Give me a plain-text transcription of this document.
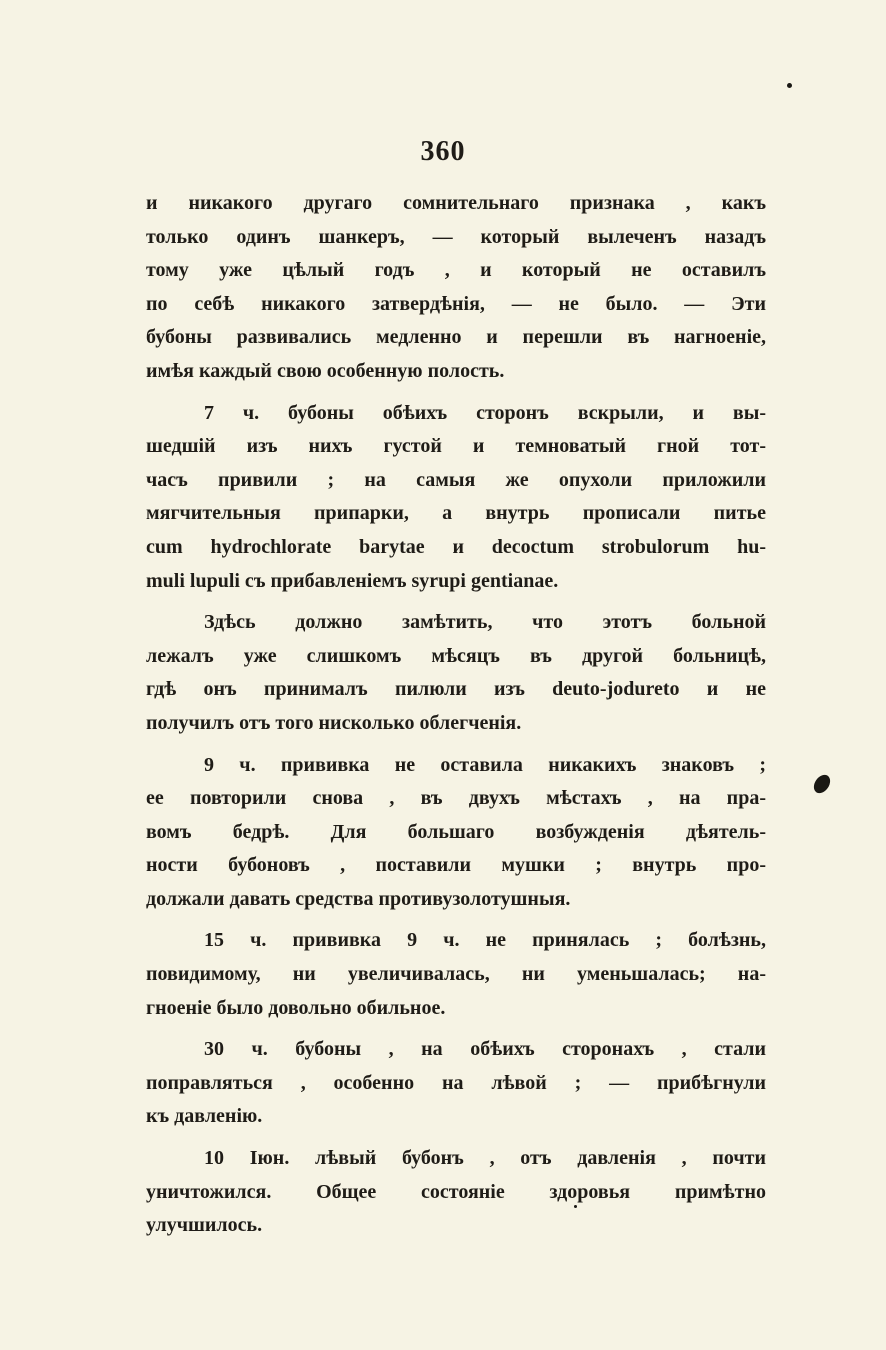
360
и никакого другаго сомнительнаго признака , какъ
только одинъ шанкеръ, — который вылеченъ назадъ
тому уже цѣлый годъ , и который не оставилъ
по себѣ никакого затвердѣнія, — не было. — Эти
бубоны развивались медленно и перешли въ нагноеніе,
имѣя каждый свою особенную полость.
7 ч. бубоны обѣихъ сторонъ вскрыли, и вы-
шедшій изъ нихъ густой и темноватый гной тот-
часъ привили ; на самыя же опухоли приложили
мягчительныя припарки, а внутрь прописали питье
cum hydrochlorate barytae и decoctum strobulorum hu-
muli lupuli съ прибавленіемъ syrupi gentianae.
Здѣсь должно замѣтить, что этотъ больной
лежалъ уже слишкомъ мѣсяцъ въ другой больницѣ,
гдѣ онъ принималъ пилюли изъ deuto-joduretо и не
получилъ отъ того нисколько облегченія.
9 ч. прививка не оставила никакихъ знаковъ ;
ее повторили снова , въ двухъ мѣстахъ , на пра-
вомъ бедрѣ. Для большаго возбужденія дѣятель-
ности бубоновъ , поставили мушки ; внутрь про-
должали давать средства противузолотушныя.
15 ч. прививка 9 ч. не принялась ; болѣзнь,
повидимому, ни увеличивалась, ни уменьшалась; на-
гноеніе было довольно обильное.
30 ч. бубоны , на обѣихъ сторонахъ , стали
поправляться , особенно на лѣвой ; — прибѣгнули
къ давленію.
10 Іюн. лѣвый бубонъ , отъ давленія , почти
уничтожился. Общее состояніе здоровья примѣтно
улучшилось.
